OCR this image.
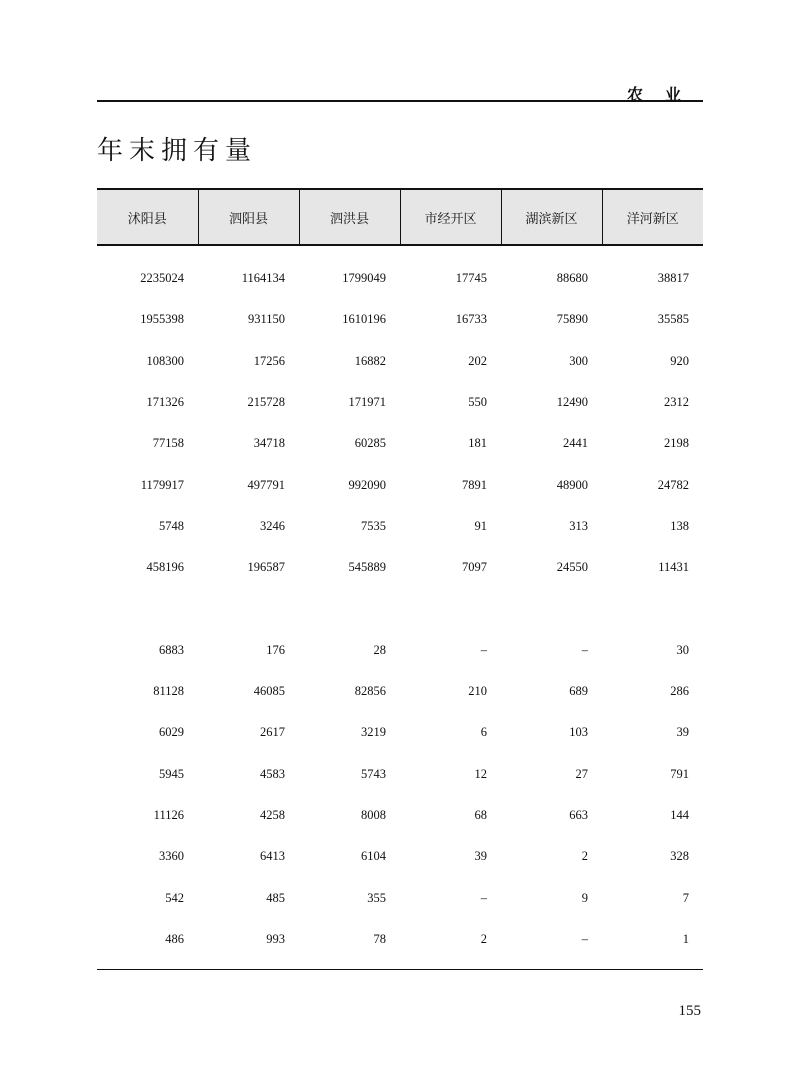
农业
年末拥有量
沭阳县	泗阳县	泗洪县	市经开区	湖滨新区	洋河新区

2235024	1164134	1799049	17745	88680	38817
1955398	931150	1610196	16733	75890	35585
108300	17256	16882	202	300	920
171326	215728	171971	550	12490	2312
77158	34718	60285	181	2441	2198
1179917	497791	992090	7891	48900	24782
5748	3246	7535	91	313	138
458196	196587	545889	7097	24550	11431

6883	176	28	–	–	30
81128	46085	82856	210	689	286
6029	2617	3219	6	103	39
5945	4583	5743	12	27	791
11126	4258	8008	68	663	144
3360	6413	6104	39	2	328
542	485	355	–	9	7
486	993	78	2	–	1
155
